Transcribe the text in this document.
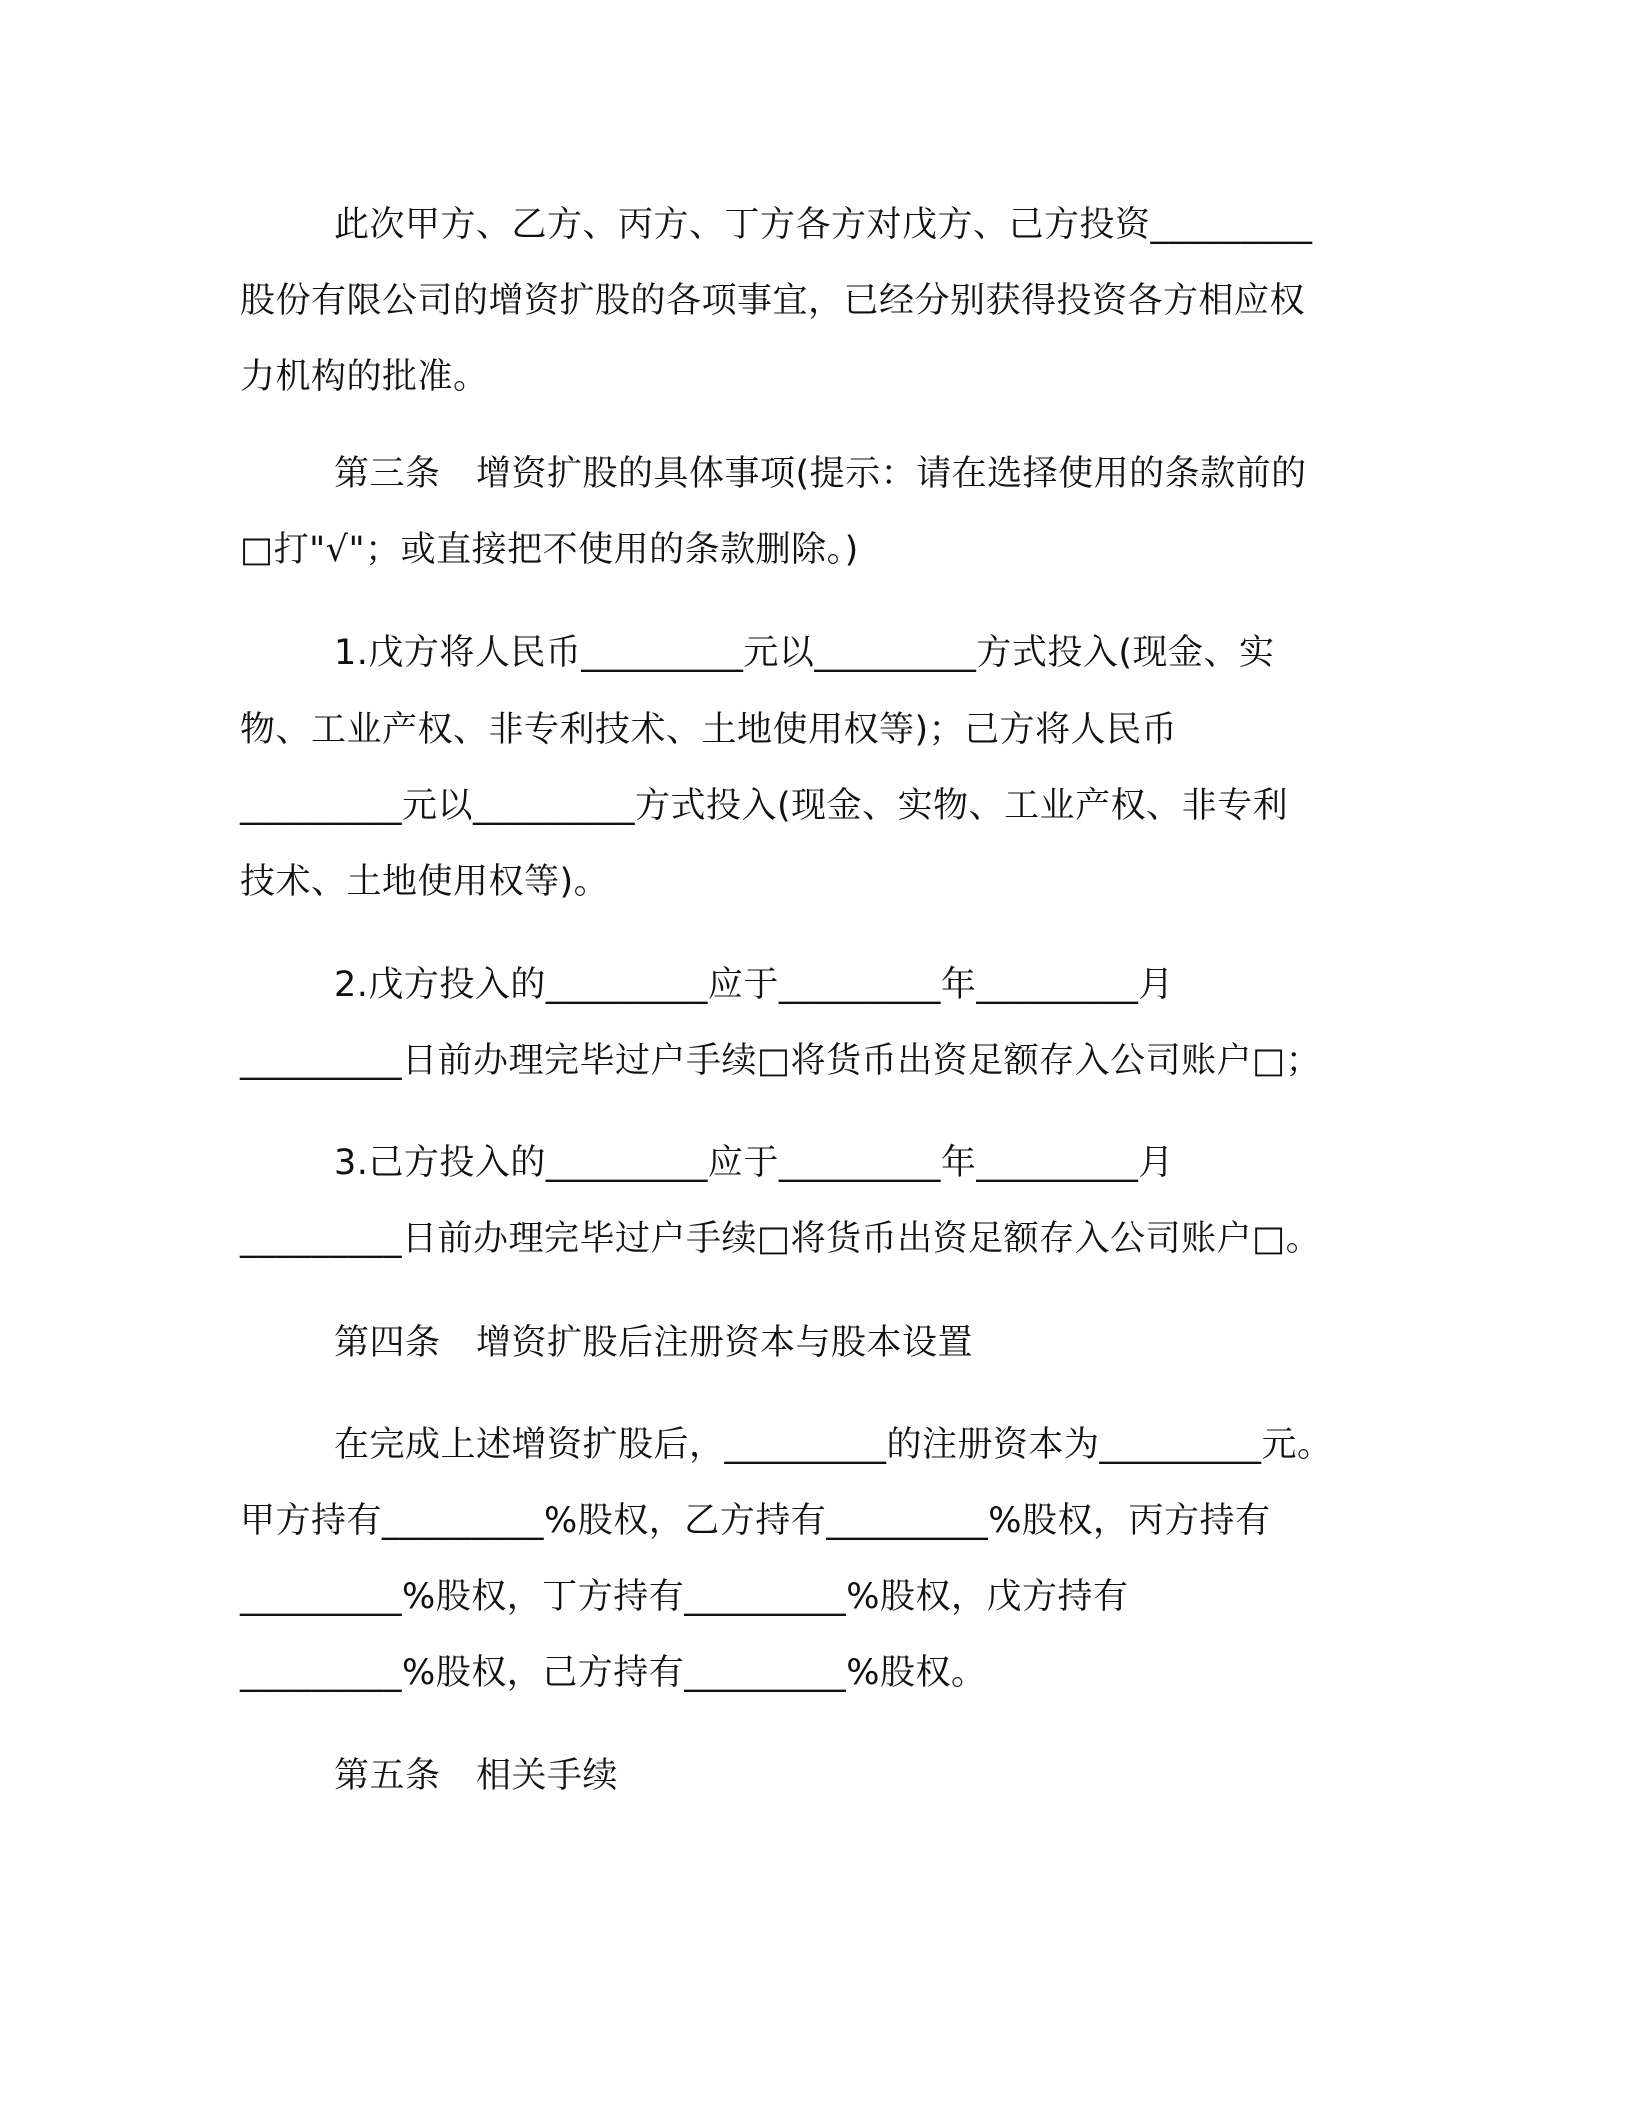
此次甲方、乙方、丙方、丁方各方对戊方、己方投资_________
股份有限公司的增资扩股的各项事宜，已经分别获得投资各方相应权
力机构的批准。
第三条　增资扩股的具体事项(提示：请在选择使用的条款前的
□打"√"；或直接把不使用的条款删除。)
1.戊方将人民币_________元以_________方式投入(现金、实
物、工业产权、非专利技术、土地使用权等)；己方将人民币
_________元以_________方式投入(现金、实物、工业产权、非专利
技术、土地使用权等)。
2.戊方投入的_________应于_________年_________月
_________日前办理完毕过户手续□将货币出资足额存入公司账户□；
3.己方投入的_________应于_________年_________月
_________日前办理完毕过户手续□将货币出资足额存入公司账户□。
第四条　增资扩股后注册资本与股本设置
在完成上述增资扩股后，_________的注册资本为_________元。
甲方持有_________%股权，乙方持有_________%股权，丙方持有
_________%股权，丁方持有_________%股权，戊方持有
_________%股权，己方持有_________%股权。
第五条　相关手续
